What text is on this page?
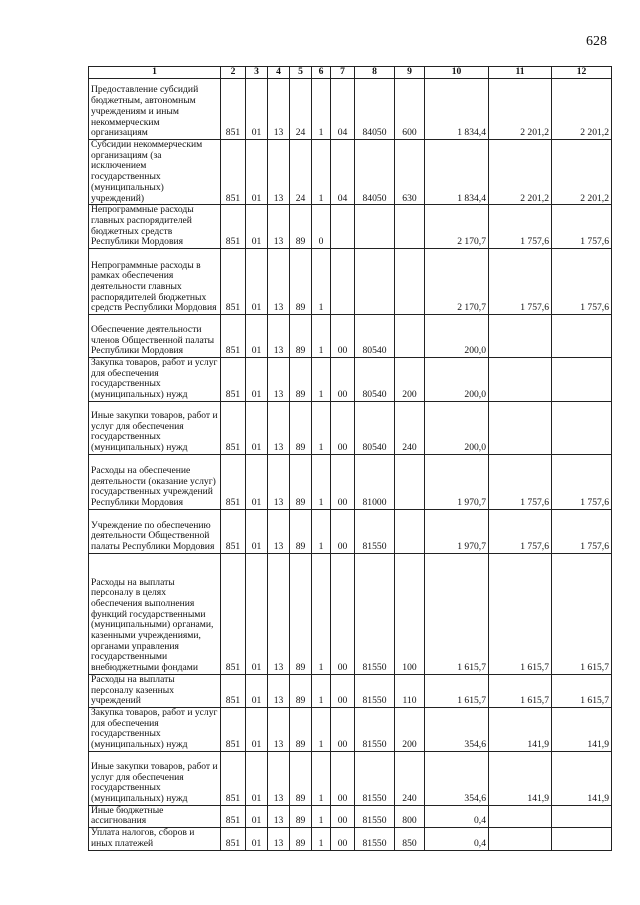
628
1	2	3	4	5	6	7	8	9	10	11	12
Предоставление субсидий бюджетным, автономным учреждениям и иным некоммерческим организациям	851	01	13	24	1	04	84050	600	1 834,4	2 201,2	2 201,2
Субсидии некоммерческим организациям (за исключением государственных (муниципальных) учреждений)	851	01	13	24	1	04	84050	630	1 834,4	2 201,2	2 201,2
Непрограммные расходы главных распорядителей бюджетных средств Республики Мордовия	851	01	13	89	0				2 170,7	1 757,6	1 757,6
Непрограммные расходы в рамках обеспечения деятельности главных распорядителей бюджетных средств Республики Мордовия	851	01	13	89	1				2 170,7	1 757,6	1 757,6
Обеспечение деятельности членов Общественной палаты Республики Мордовия	851	01	13	89	1	00	80540		200,0		
Закупка товаров, работ и услуг для обеспечения государственных (муниципальных) нужд	851	01	13	89	1	00	80540	200	200,0		
Иные закупки товаров, работ и услуг для обеспечения государственных (муниципальных) нужд	851	01	13	89	1	00	80540	240	200,0		
Расходы на обеспечение деятельности (оказание услуг) государственных учреждений Республики Мордовия	851	01	13	89	1	00	81000		1 970,7	1 757,6	1 757,6
Учреждение по обеспечению деятельности Общественной палаты Республики Мордовия	851	01	13	89	1	00	81550		1 970,7	1 757,6	1 757,6
Расходы на выплаты персоналу в целях обеспечения выполнения функций государственными (муниципальными) органами, казенными учреждениями, органами управления государственными внебюджетными фондами	851	01	13	89	1	00	81550	100	1 615,7	1 615,7	1 615,7
Расходы на выплаты персоналу казенных учреждений	851	01	13	89	1	00	81550	110	1 615,7	1 615,7	1 615,7
Закупка товаров, работ и услуг для обеспечения государственных (муниципальных) нужд	851	01	13	89	1	00	81550	200	354,6	141,9	141,9
Иные закупки товаров, работ и услуг для обеспечения государственных (муниципальных) нужд	851	01	13	89	1	00	81550	240	354,6	141,9	141,9
Иные бюджетные ассигнования	851	01	13	89	1	00	81550	800	0,4		
Уплата налогов, сборов и иных платежей	851	01	13	89	1	00	81550	850	0,4		
